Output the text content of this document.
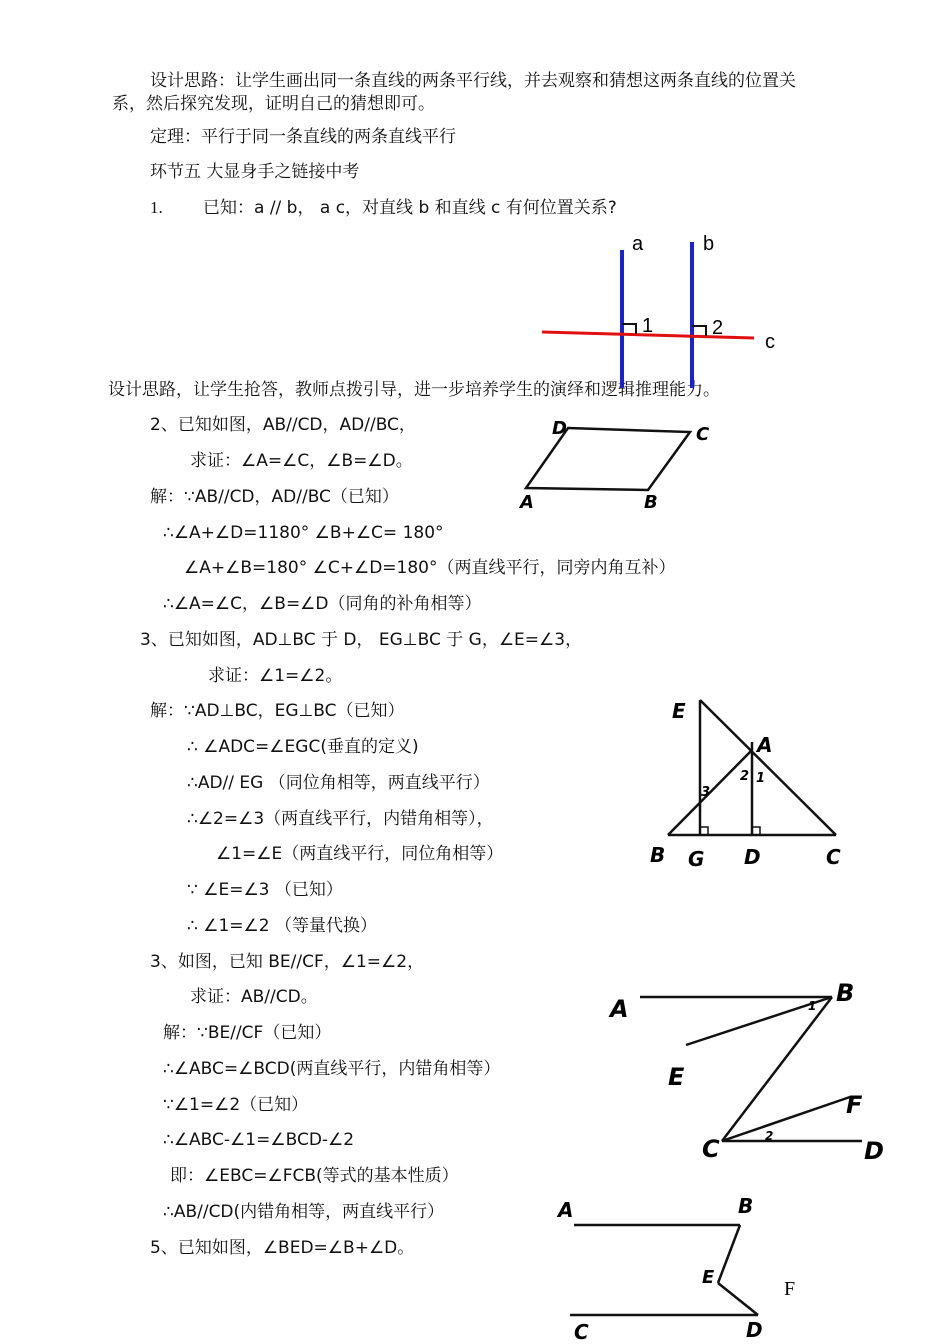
设计思路：让学生画出同一条直线的两条平行线，并去观察和猜想这两条直线的位置关
系，然后探究发现，证明自己的猜想即可。
定理：平行于同一条直线的两条直线平行
环节五 大显身手之链接中考
1. 已知：a // b， a c，对直线 b 和直线 c 有何位置关系?
设计思路，让学生抢答，教师点拨引导，进一步培养学生的演绎和逻辑推理能力。
2、已知如图，AB//CD，AD//BC，
求证：∠A=∠C，∠B=∠D。
解：∵AB//CD，AD//BC（已知）
∴∠A+∠D=1180° ∠B+∠C= 180°
∠A+∠B=180° ∠C+∠D=180°（两直线平行，同旁内角互补）
∴∠A=∠C，∠B=∠D（同角的补角相等）
3、已知如图，AD⊥BC 于 D， EG⊥BC 于 G，∠E=∠3，
求证：∠1=∠2。
解：∵AD⊥BC，EG⊥BC（已知）
∴ ∠ADC=∠EGC(垂直的定义)
∴AD// EG （同位角相等，两直线平行）
∴∠2=∠3（两直线平行，内错角相等），
∠1=∠E（两直线平行，同位角相等）
∵ ∠E=∠3 （已知）
∴ ∠1=∠2 （等量代换）
3、如图，已知 BE//CF，∠1=∠2，
求证：AB//CD。
解：∵BE//CF（已知）
∴∠ABC=∠BCD(两直线平行，内错角相等）
∵∠1=∠2（已知）
∴∠ABC-∠1=∠BCD-∠2
即：∠EBC=∠FCB(等式的基本性质）
∴AB//CD(内错角相等，两直线平行）
5、已知如图，∠BED=∠B+∠D。
a	b
c
1	2
D	C
A	B
E
A
B G D	C
1
2
3
A
B
E
F
C	D
1
2
A	B
E
F
C	D
